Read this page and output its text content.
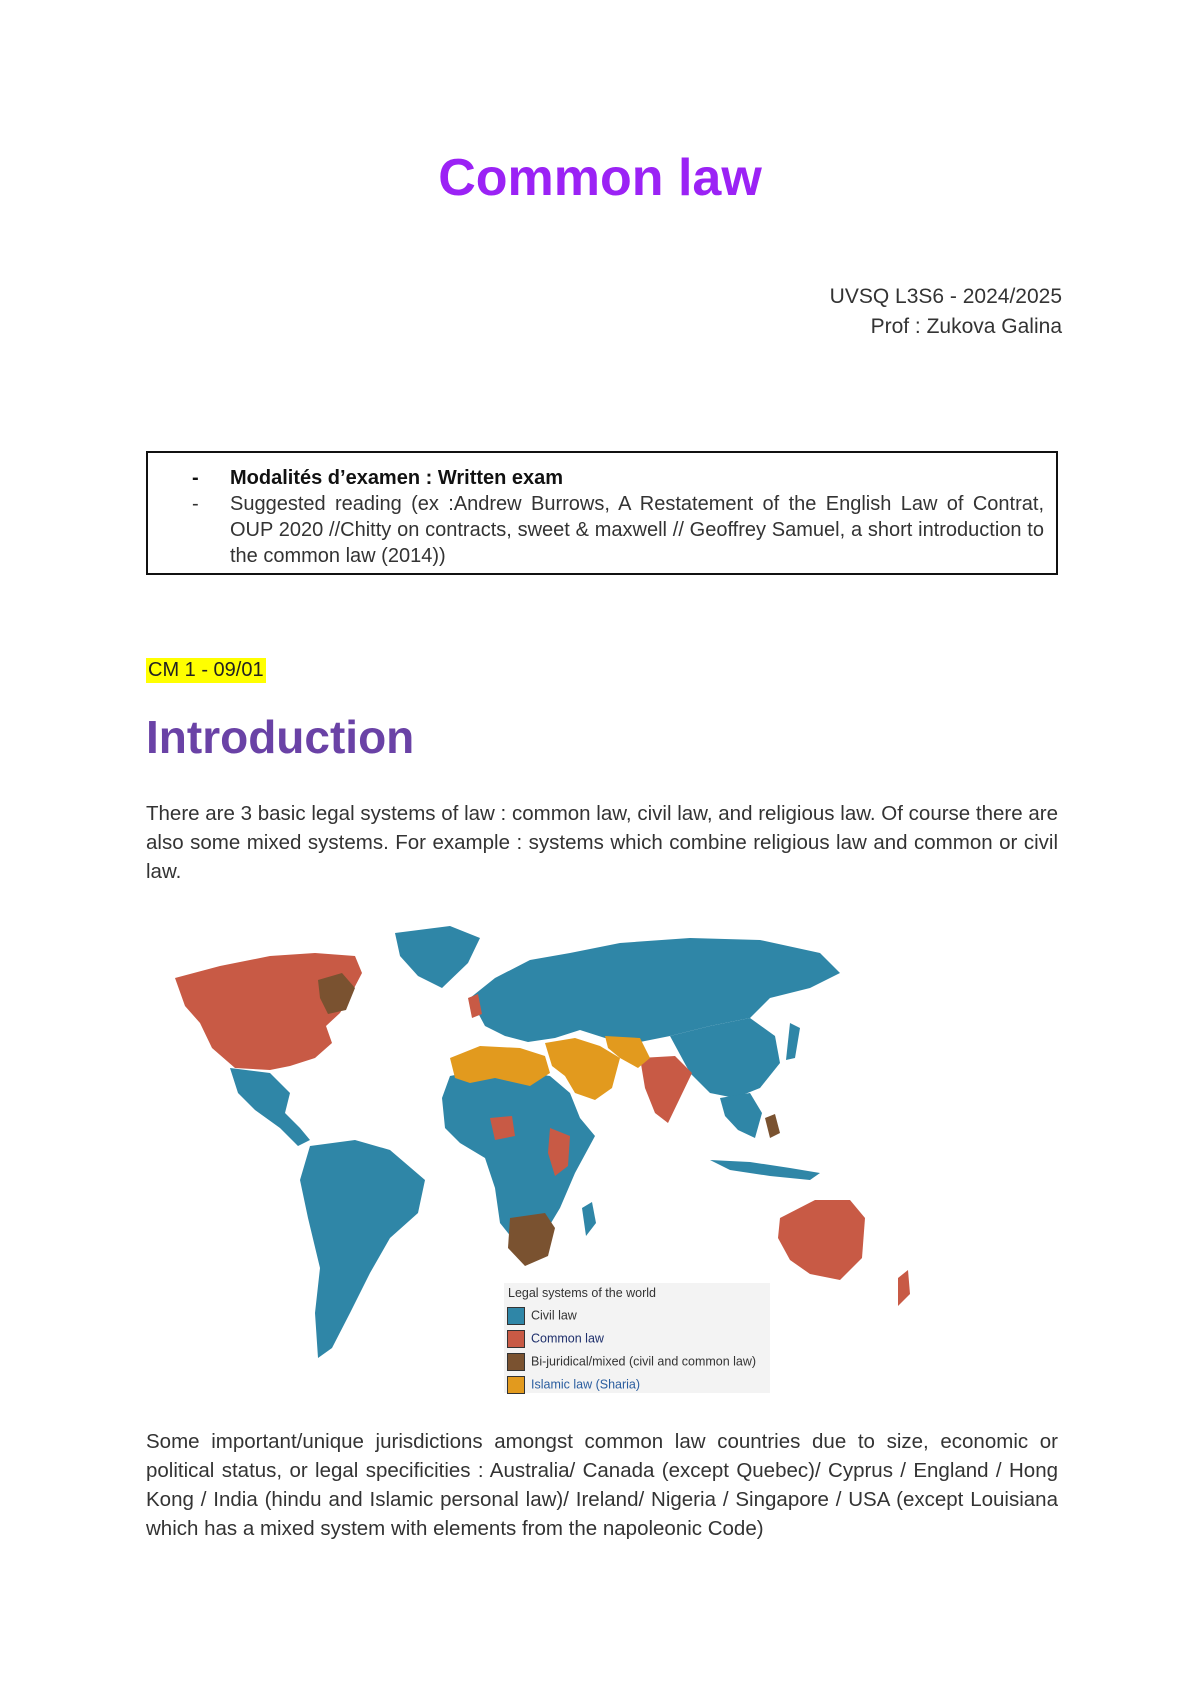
Common law
UVSQ L3S6 - 2024/2025
Prof : Zukova Galina
- Modalités d’examen : Written exam
- Suggested reading (ex :Andrew Burrows, A Restatement of the English Law of Contrat, OUP 2020 //Chitty on contracts, sweet & maxwell // Geoffrey Samuel, a short introduction to the common law (2014))
CM 1 - 09/01
Introduction

There are 3 basic legal systems of law : common law, civil law, and religious law. Of course there are also some mixed systems. For example : systems which combine religious law and common or civil law.

Legal systems of the world
Civil law
Common law
Bi-juridical/mixed (civil and common law)
Islamic law (Sharia)

Some important/unique jurisdictions amongst common law countries due to size, economic or political status, or legal specificities : Australia/ Canada (except Quebec)/ Cyprus / England / Hong Kong / India (hindu and Islamic personal law)/ Ireland/ Nigeria / Singapore / USA (except Louisiana which has a mixed system with elements from the napoleonic Code)
